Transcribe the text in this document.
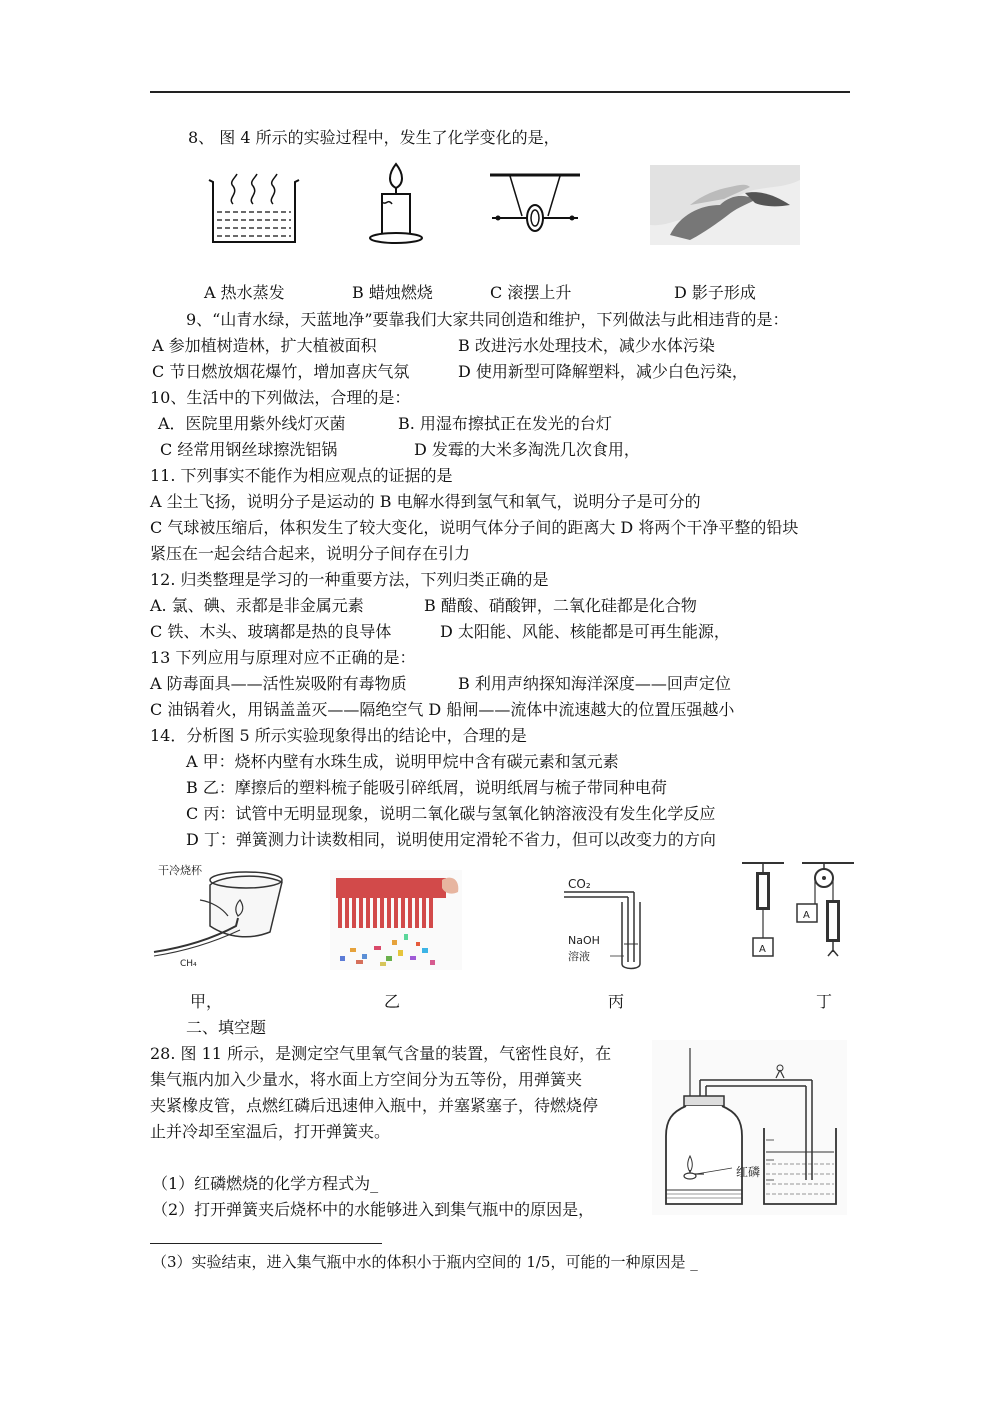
8、 图 4 所示的实验过程中，发生了化学变化的是，
A 热水蒸发	B 蜡烛燃烧	C 滚摆上升	D 影子形成
9、“山青水绿，天蓝地净”要靠我们大家共同创造和维护，下列做法与此相违背的是：
A 参加植树造林，扩大植被面积	B 改进污水处理技术，减少水体污染
C 节日燃放烟花爆竹，增加喜庆气氛	D 使用新型可降解塑料，减少白色污染，
10、生活中的下列做法，合理的是：
A．医院里用紫外线灯灭菌	B. 用湿布擦拭正在发光的台灯
C 经常用钢丝球擦洗铝锅	D 发霉的大米多淘洗几次食用，
11. 下列事实不能作为相应观点的证据的是
A 尘土飞扬，说明分子是运动的 B 电解水得到氢气和氧气，说明分子是可分的
C 气球被压缩后，体积发生了较大变化，说明气体分子间的距离大 D 将两个干净平整的铅块
紧压在一起会结合起来，说明分子间存在引力
12. 归类整理是学习的一种重要方法，下列归类正确的是
A. 氯、碘、汞都是非金属元素	B 醋酸、硝酸钾，二氧化硅都是化合物
C 铁、木头、玻璃都是热的良导体	D 太阳能、风能、核能都是可再生能源，
13 下列应用与原理对应不正确的是：
A 防毒面具——活性炭吸附有毒物质	B 利用声纳探知海洋深度——回声定位
C 油锅着火，用锅盖盖灭——隔绝空气 D 船闸——流体中流速越大的位置压强越小
14．分析图 5 所示实验现象得出的结论中，合理的是
A 甲：烧杯内壁有水珠生成，说明甲烷中含有碳元素和氢元素
B 乙：摩擦后的塑料梳子能吸引碎纸屑，说明纸屑与梳子带同种电荷
C 丙：试管中无明显现象，说明二氧化碳与氢氧化钠溶液没有发生化学反应
D 丁：弹簧测力计读数相同，说明使用定滑轮不省力，但可以改变力的方向
干冷烧杯
CH₄
CO₂
NaOH
溶液
A
A
甲，	乙	丙	丁
二、填空题
28. 图 11 所示，是测定空气里氧气含量的装置，气密性良好，在
集气瓶内加入少量水，将水面上方空间分为五等份，用弹簧夹
夹紧橡皮管，点燃红磷后迅速伸入瓶中，并塞紧塞子，待燃烧停
止并冷却至室温后，打开弹簧夹。
（1）红磷燃烧的化学方程式为_
（2）打开弹簧夹后烧杯中的水能够进入到集气瓶中的原因是，
红磷
（3）实验结束，进入集气瓶中水的体积小于瓶内空间的 1/5，可能的一种原因是 _
